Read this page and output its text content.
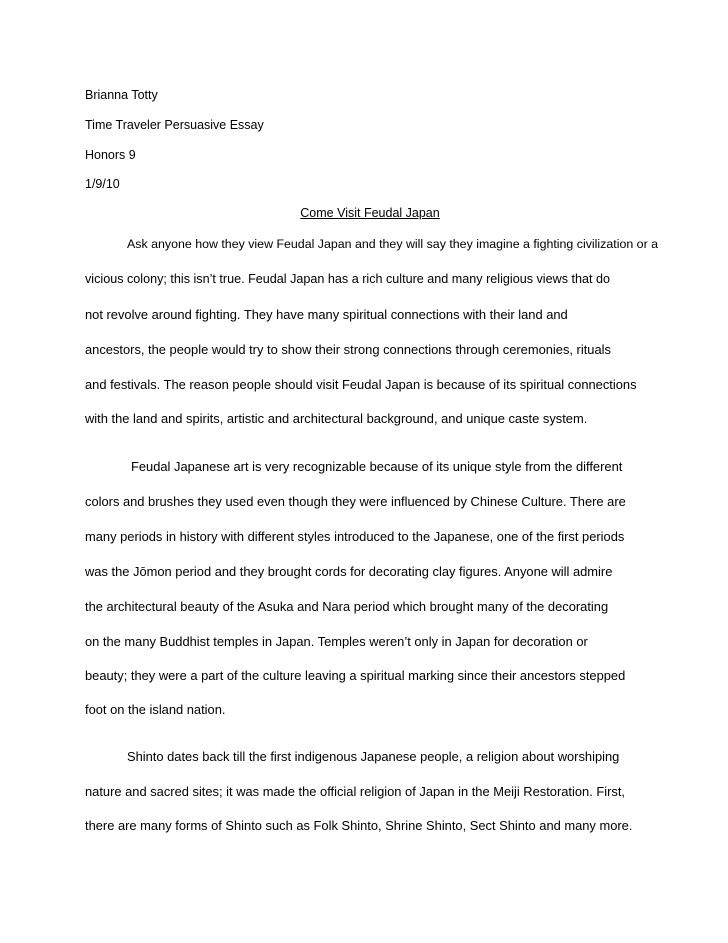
Brianna Totty
Time Traveler Persuasive Essay
Honors 9
1/9/10
Come Visit Feudal Japan
Ask anyone how they view Feudal Japan and they will say they imagine a fighting civilization or a
vicious colony; this isn’t true. Feudal Japan has a rich culture and many religious views that do
not revolve around fighting. They have many spiritual connections with their land and
ancestors, the people would try to show their strong connections through ceremonies, rituals
and festivals. The reason people should visit Feudal Japan is because of its spiritual connections
with the land and spirits, artistic and architectural background, and unique caste system.
Feudal Japanese art is very recognizable because of its unique style from the different
colors and brushes they used even though they were influenced by Chinese Culture. There are
many periods in history with different styles introduced to the Japanese, one of the first periods
was the Jōmon period and they brought cords for decorating clay figures. Anyone will admire
the architectural beauty of the Asuka and Nara period which brought many of the decorating
on the many Buddhist temples in Japan. Temples weren’t only in Japan for decoration or
beauty; they were a part of the culture leaving a spiritual marking since their ancestors stepped
foot on the island nation.
Shinto dates back till the first indigenous Japanese people, a religion about worshiping
nature and sacred sites; it was made the official religion of Japan in the Meiji Restoration. First,
there are many forms of Shinto such as Folk Shinto, Shrine Shinto, Sect Shinto and many more.
